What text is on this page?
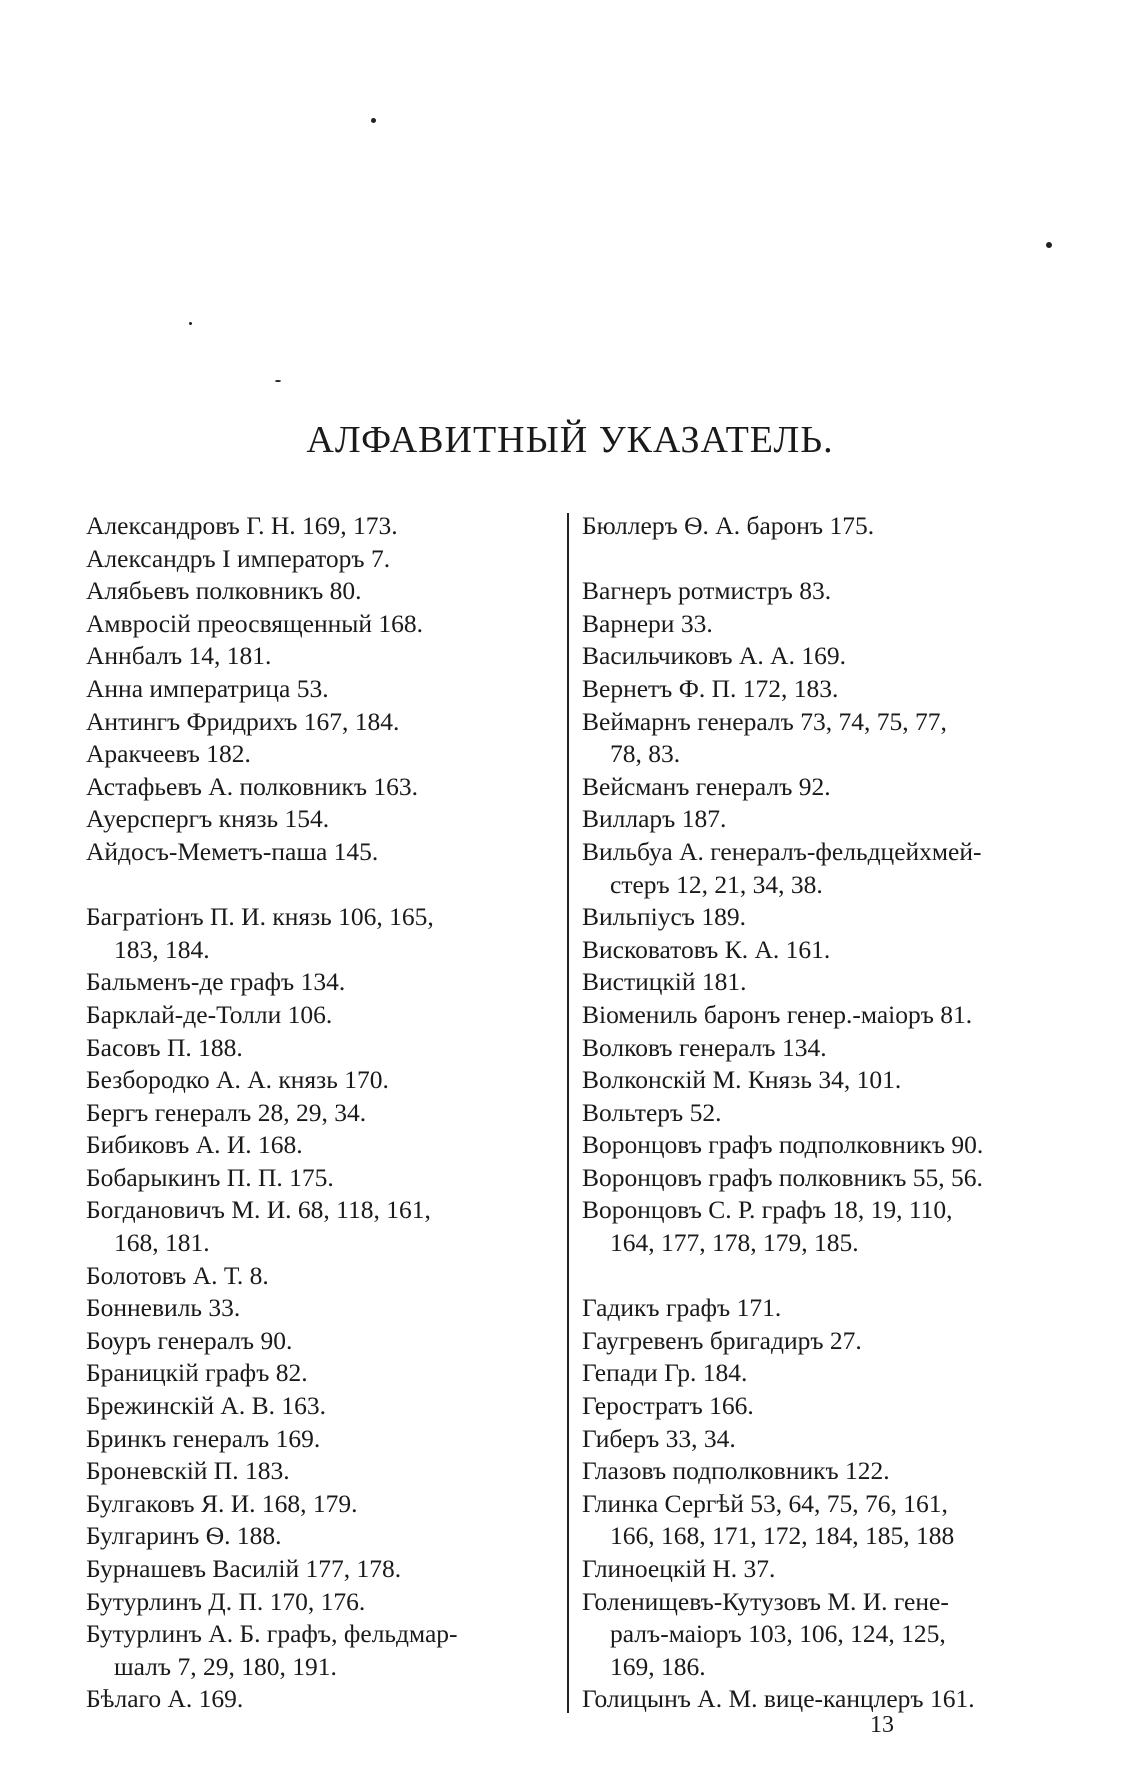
АЛФАВИТНЫЙ УКАЗАТЕЛЬ.
Александровъ Г. Н. 169, 173.
Александръ I императоръ 7.
Алябьевъ полковникъ 80.
Амвросій преосвященный 168.
Аннбалъ 14, 181.
Анна императрица 53.
Антингъ Фридрихъ 167, 184.
Аракчеевъ 182.
Астафьевъ А. полковникъ 163.
Ауерспергъ князь 154.
Айдосъ-Меметъ-паша 145.
Багратіонъ П. И. князь 106, 165,
183, 184.
Бальменъ-де графъ 134.
Барклай-де-Толли 106.
Басовъ П. 188.
Безбородко А. А. князь 170.
Бергъ генералъ 28, 29, 34.
Бибиковъ А. И. 168.
Бобарыкинъ П. П. 175.
Богдановичъ М. И. 68, 118, 161,
168, 181.
Болотовъ А. Т. 8.
Бонневиль 33.
Боуръ генералъ 90.
Браницкій графъ 82.
Брежинскій А. В. 163.
Бринкъ генералъ 169.
Броневскій П. 183.
Булгаковъ Я. И. 168, 179.
Булгаринъ Ѳ. 188.
Бурнашевъ Василій 177, 178.
Бутурлинъ Д. П. 170, 176.
Бутурлинъ А. Б. графъ, фельдмар-
шалъ 7, 29, 180, 191.
Бѣлаго А. 169.
Бюллеръ Ѳ. А. баронъ 175.
Вагнеръ ротмистръ 83.
Варнери 33.
Васильчиковъ А. А. 169.
Вернетъ Ф. П. 172, 183.
Веймарнъ генералъ 73, 74, 75, 77,
78, 83.
Вейсманъ генералъ 92.
Вилларъ 187.
Вильбуа А. генералъ-фельдцейхмей-
стеръ 12, 21, 34, 38.
Вильпіусъ 189.
Висковатовъ К. А. 161.
Вистицкій 181.
Віомениль баронъ генер.-маіоръ 81.
Волковъ генералъ 134.
Волконскій М. Князь 34, 101.
Вольтеръ 52.
Воронцовъ графъ подполковникъ 90.
Воронцовъ графъ полковникъ 55, 56.
Воронцовъ С. Р. графъ 18, 19, 110,
164, 177, 178, 179, 185.
Гадикъ графъ 171.
Гаугревенъ бригадиръ 27.
Гепади Гр. 184.
Геростратъ 166.
Гиберъ 33, 34.
Глазовъ подполковникъ 122.
Глинка Сергѣй 53, 64, 75, 76, 161,
166, 168, 171, 172, 184, 185, 188
Глиноецкій Н. 37.
Голенищевъ-Кутузовъ М. И. гене-
ралъ-маіоръ 103, 106, 124, 125,
169, 186.
Голицынъ А. М. вице-канцлеръ 161.
13
